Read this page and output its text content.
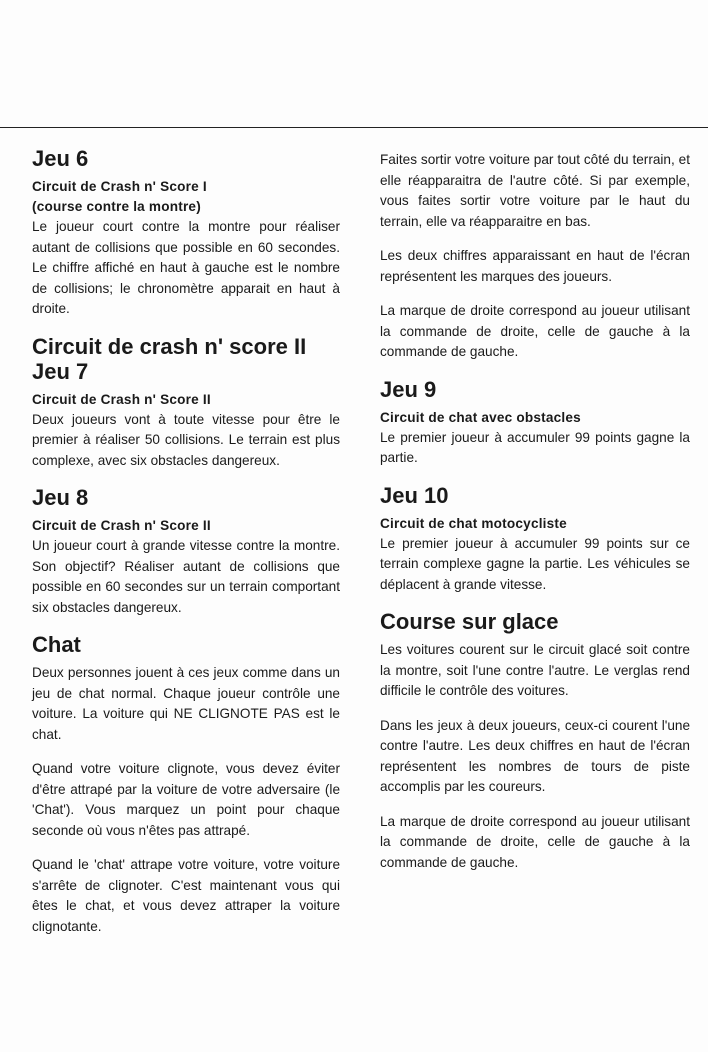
Jeu 6
Circuit de Crash n' Score I
(course contre la montre)

Le joueur court contre la montre pour réaliser autant de collisions que possible en 60 secondes. Le chiffre affiché en haut à gauche est le nombre de collisions; le chronomètre apparait en haut à droite.

Circuit de crash n' score II
Jeu 7
Circuit de Crash n' Score II

Deux joueurs vont à toute vitesse pour être le premier à réaliser 50 collisions. Le terrain est plus complexe, avec six obstacles dangereux.

Jeu 8
Circuit de Crash n' Score II

Un joueur court à grande vitesse contre la montre. Son objectif? Réaliser autant de collisions que possible en 60 secondes sur un terrain comportant six obstacles dangereux.

Chat

Deux personnes jouent à ces jeux comme dans un jeu de chat normal. Chaque joueur contrôle une voiture. La voiture qui NE CLIGNOTE PAS est le chat.

Quand votre voiture clignote, vous devez éviter d'être attrapé par la voiture de votre adversaire (le 'Chat'). Vous marquez un point pour chaque seconde où vous n'êtes pas attrapé.

Quand le 'chat' attrape votre voiture, votre voiture s'arrête de clignoter. C'est maintenant vous qui êtes le chat, et vous devez attraper la voiture clignotante.

Faites sortir votre voiture par tout côté du terrain, et elle réapparaitra de l'autre côté. Si par exemple, vous faites sortir votre voiture par le haut du terrain, elle va réapparaitre en bas.

Les deux chiffres apparaissant en haut de l'écran représentent les marques des joueurs.

La marque de droite correspond au joueur utilisant la commande de droite, celle de gauche à la commande de gauche.

Jeu 9
Circuit de chat avec obstacles

Le premier joueur à accumuler 99 points gagne la partie.

Jeu 10
Circuit de chat motocycliste

Le premier joueur à accumuler 99 points sur ce terrain complexe gagne la partie. Les véhicules se déplacent à grande vitesse.

Course sur glace

Les voitures courent sur le circuit glacé soit contre la montre, soit l'une contre l'autre. Le verglas rend difficile le contrôle des voitures.

Dans les jeux à deux joueurs, ceux-ci courent l'une contre l'autre. Les deux chiffres en haut de l'écran représentent les nombres de tours de piste accomplis par les coureurs.

La marque de droite correspond au joueur utilisant la commande de droite, celle de gauche à la commande de gauche.
